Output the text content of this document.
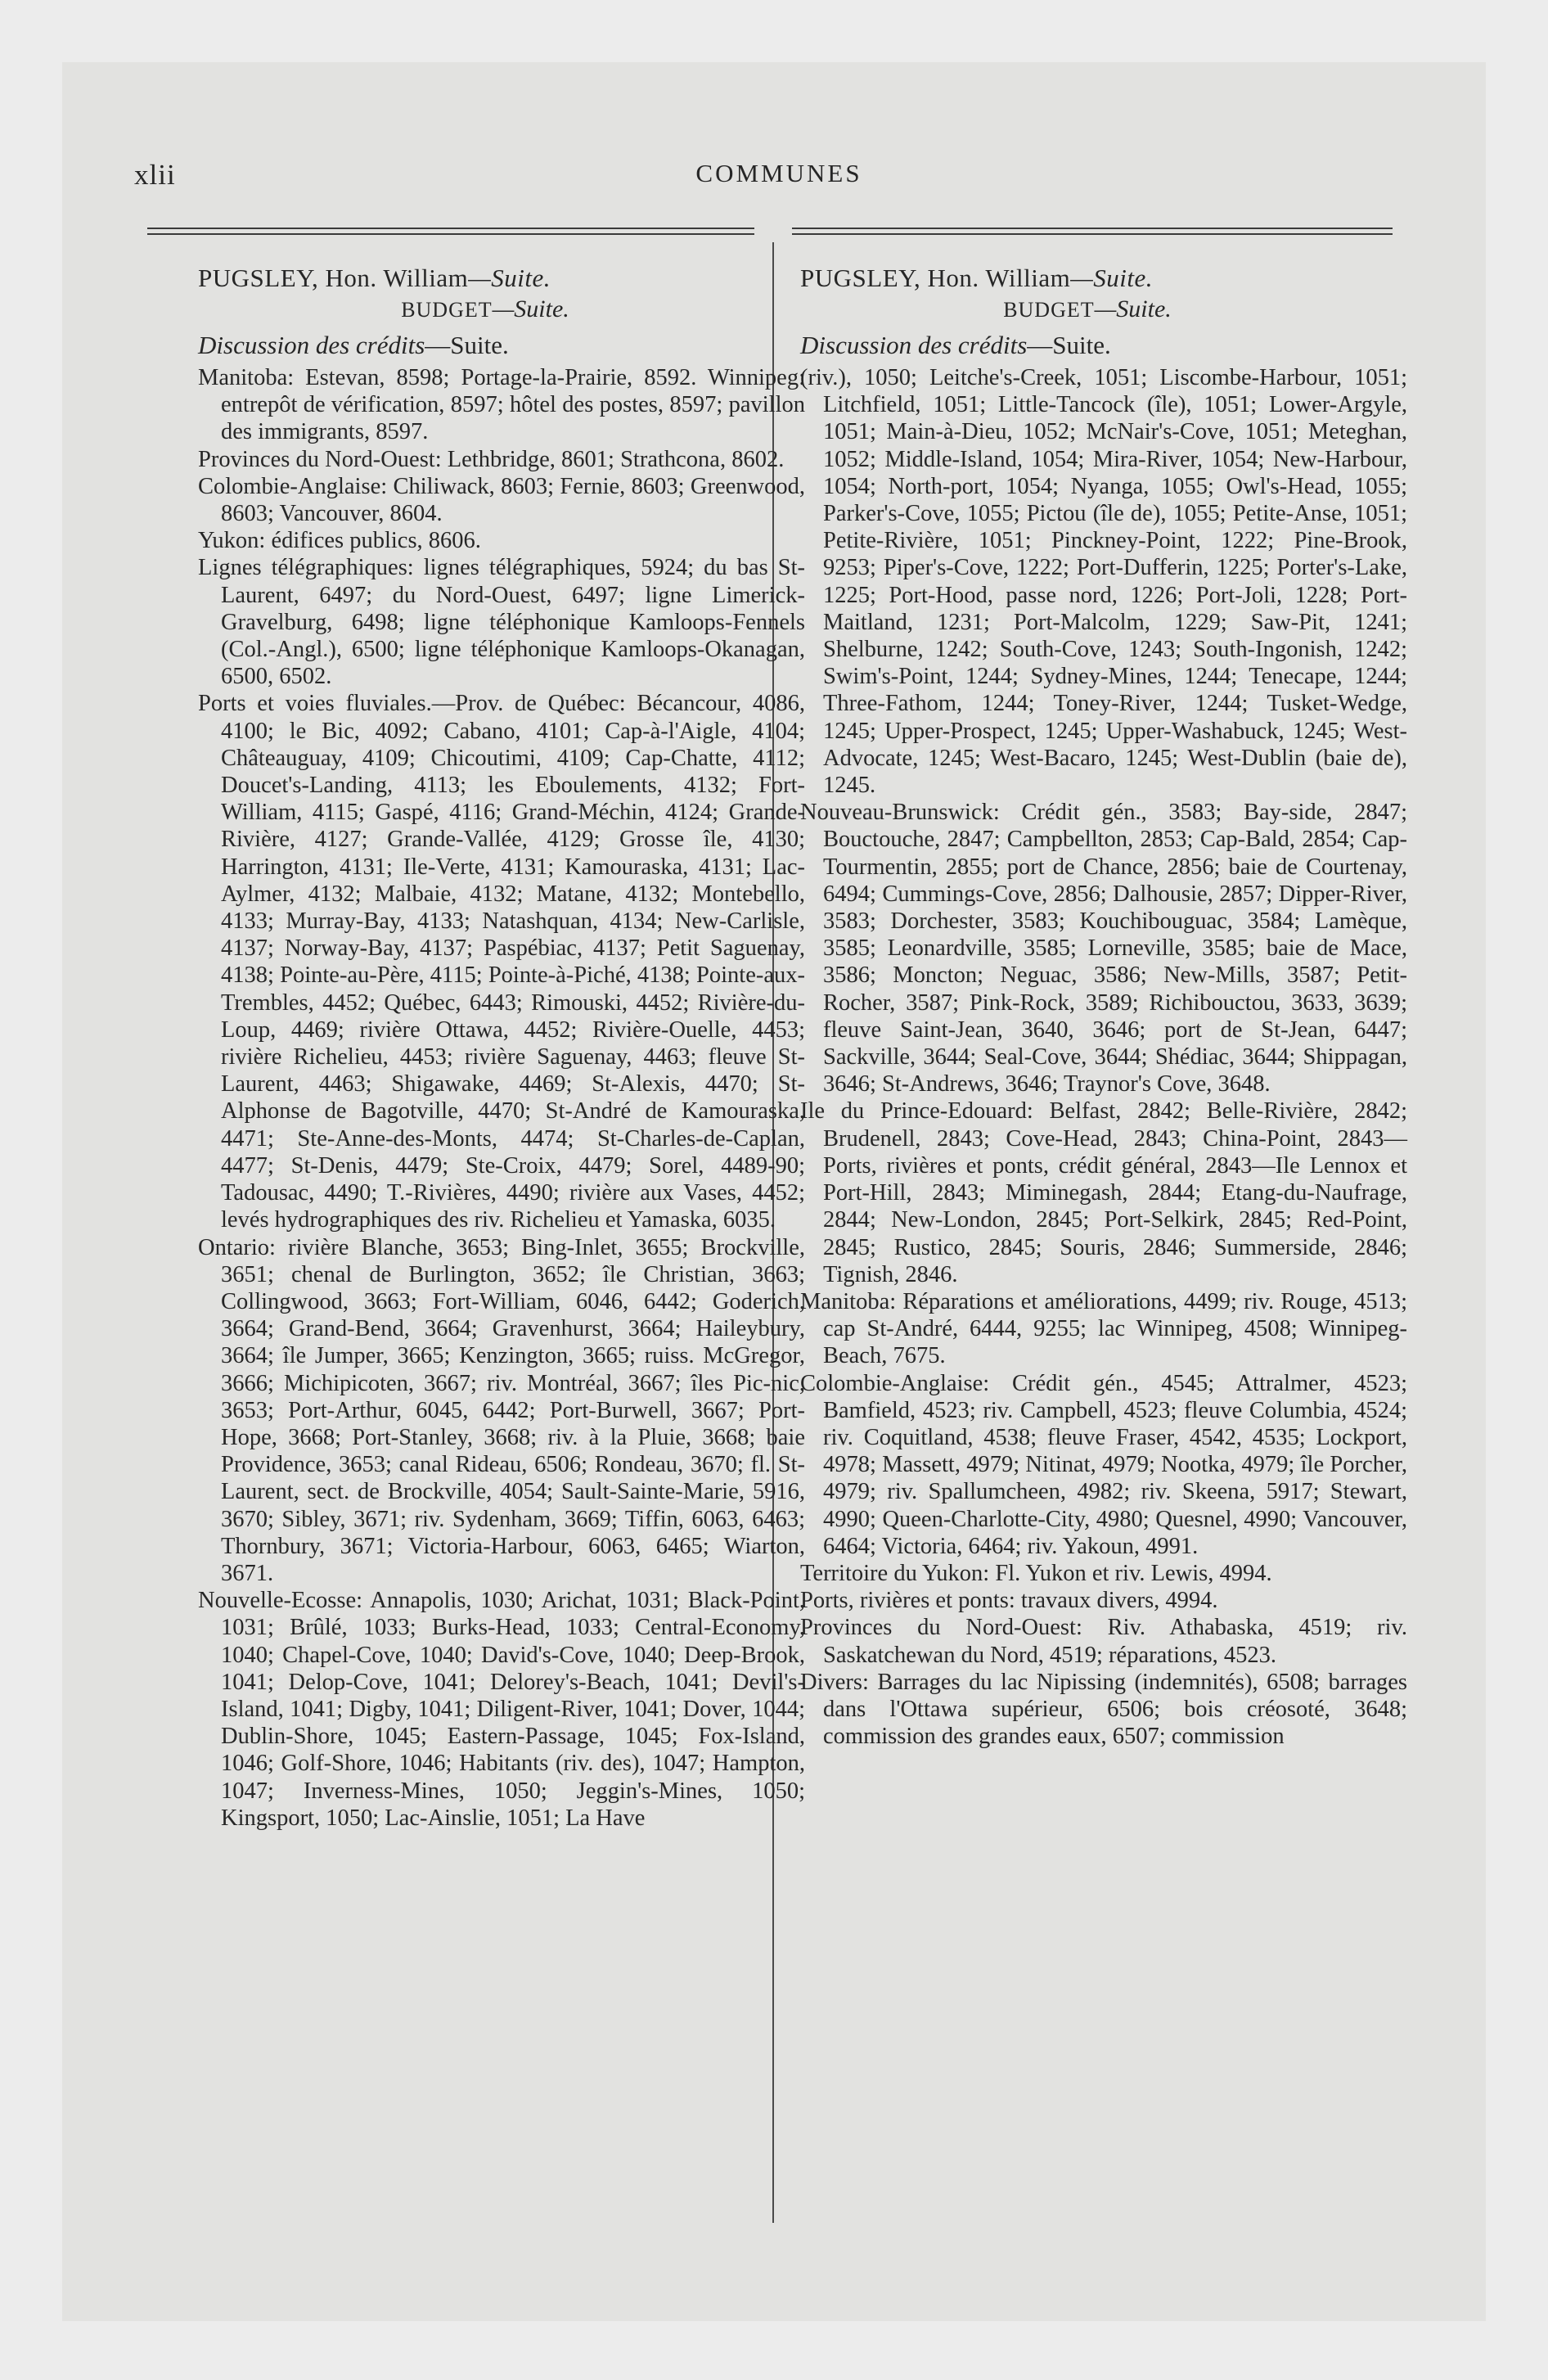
xlii	COMMUNES

PUGSLEY, Hon. William—Suite.

BUDGET—Suite.

Discussion des crédits—Suite.

Manitoba: Estevan, 8598; Portage-la-Prairie, 8592. Winnipeg: entrepôt de vérification, 8597; hôtel des postes, 8597; pavillon des immigrants, 8597.

Provinces du Nord-Ouest: Lethbridge, 8601; Strathcona, 8602.

Colombie-Anglaise: Chiliwack, 8603; Fernie, 8603; Greenwood, 8603; Vancouver, 8604.

Yukon: édifices publics, 8606.

Lignes télégraphiques: lignes télégraphiques, 5924; du bas St-Laurent, 6497; du Nord-Ouest, 6497; ligne Limerick-Gravelburg, 6498; ligne téléphonique Kamloops-Fennels (Col.-Angl.), 6500; ligne téléphonique Kamloops-Okanagan, 6500, 6502.

Ports et voies fluviales.—Prov. de Québec: Bécancour, 4086, 4100; le Bic, 4092; Cabano, 4101; Cap-à-l'Aigle, 4104; Châteauguay, 4109; Chicoutimi, 4109; Cap-Chatte, 4112; Doucet's-Landing, 4113; les Eboulements, 4132; Fort-William, 4115; Gaspé, 4116; Grand-Méchin, 4124; Grande-Rivière, 4127; Grande-Vallée, 4129; Grosse île, 4130; Harrington, 4131; Ile-Verte, 4131; Kamouraska, 4131; Lac-Aylmer, 4132; Malbaie, 4132; Matane, 4132; Montebello, 4133; Murray-Bay, 4133; Natashquan, 4134; New-Carlisle, 4137; Norway-Bay, 4137; Paspébiac, 4137; Petit Saguenay, 4138; Pointe-au-Père, 4115; Pointe-à-Piché, 4138; Pointe-aux-Trembles, 4452; Québec, 6443; Rimouski, 4452; Rivière-du-Loup, 4469; rivière Ottawa, 4452; Rivière-Ouelle, 4453; rivière Richelieu, 4453; rivière Saguenay, 4463; fleuve St-Laurent, 4463; Shigawake, 4469; St-Alexis, 4470; St-Alphonse de Bagotville, 4470; St-André de Kamouraska, 4471; Ste-Anne-des-Monts, 4474; St-Charles-de-Caplan, 4477; St-Denis, 4479; Ste-Croix, 4479; Sorel, 4489-90; Tadousac, 4490; T.-Rivières, 4490; rivière aux Vases, 4452; levés hydrographiques des riv. Richelieu et Yamaska, 6035.

Ontario: rivière Blanche, 3653; Bing-Inlet, 3655; Brockville, 3651; chenal de Burlington, 3652; île Christian, 3663; Collingwood, 3663; Fort-William, 6046, 6442; Goderich, 3664; Grand-Bend, 3664; Gravenhurst, 3664; Haileybury, 3664; île Jumper, 3665; Kenzington, 3665; ruiss. McGregor, 3666; Michipicoten, 3667; riv. Montréal, 3667; îles Pic-nic, 3653; Port-Arthur, 6045, 6442; Port-Burwell, 3667; Port-Hope, 3668; Port-Stanley, 3668; riv. à la Pluie, 3668; baie Providence, 3653; canal Rideau, 6506; Rondeau, 3670; fl. St-Laurent, sect. de Brockville, 4054; Sault-Sainte-Marie, 5916, 3670; Sibley, 3671; riv. Sydenham, 3669; Tiffin, 6063, 6463; Thornbury, 3671; Victoria-Harbour, 6063, 6465; Wiarton, 3671.

Nouvelle-Ecosse: Annapolis, 1030; Arichat, 1031; Black-Point, 1031; Brûlé, 1033; Burks-Head, 1033; Central-Economy, 1040; Chapel-Cove, 1040; David's-Cove, 1040; Deep-Brook, 1041; Delop-Cove, 1041; Delorey's-Beach, 1041; Devil's-Island, 1041; Digby, 1041; Diligent-River, 1041; Dover, 1044; Dublin-Shore, 1045; Eastern-Passage, 1045; Fox-Island, 1046; Golf-Shore, 1046; Habitants (riv. des), 1047; Hampton, 1047; Inverness-Mines, 1050; Jeggin's-Mines, 1050; Kingsport, 1050; Lac-Ainslie, 1051; La Have

PUGSLEY, Hon. William—Suite.

BUDGET—Suite.

Discussion des crédits—Suite.

(riv.), 1050; Leitche's-Creek, 1051; Liscombe-Harbour, 1051; Litchfield, 1051; Little-Tancock (île), 1051; Lower-Argyle, 1051; Main-à-Dieu, 1052; McNair's-Cove, 1051; Meteghan, 1052; Middle-Island, 1054; Mira-River, 1054; New-Harbour, 1054; North-port, 1054; Nyanga, 1055; Owl's-Head, 1055; Parker's-Cove, 1055; Pictou (île de), 1055; Petite-Anse, 1051; Petite-Rivière, 1051; Pinckney-Point, 1222; Pine-Brook, 9253; Piper's-Cove, 1222; Port-Dufferin, 1225; Porter's-Lake, 1225; Port-Hood, passe nord, 1226; Port-Joli, 1228; Port-Maitland, 1231; Port-Malcolm, 1229; Saw-Pit, 1241; Shelburne, 1242; South-Cove, 1243; South-Ingonish, 1242; Swim's-Point, 1244; Sydney-Mines, 1244; Tenecape, 1244; Three-Fathom, 1244; Toney-River, 1244; Tusket-Wedge, 1245; Upper-Prospect, 1245; Upper-Washabuck, 1245; West-Advocate, 1245; West-Bacaro, 1245; West-Dublin (baie de), 1245.

Nouveau-Brunswick: Crédit gén., 3583; Bay-side, 2847; Bouctouche, 2847; Campbellton, 2853; Cap-Bald, 2854; Cap-Tourmentin, 2855; port de Chance, 2856; baie de Courtenay, 6494; Cummings-Cove, 2856; Dalhousie, 2857; Dipper-River, 3583; Dorchester, 3583; Kouchibouguac, 3584; Lamèque, 3585; Leonardville, 3585; Lorneville, 3585; baie de Mace, 3586; Moncton; Neguac, 3586; New-Mills, 3587; Petit-Rocher, 3587; Pink-Rock, 3589; Richibouctou, 3633, 3639; fleuve Saint-Jean, 3640, 3646; port de St-Jean, 6447; Sackville, 3644; Seal-Cove, 3644; Shédiac, 3644; Shippagan, 3646; St-Andrews, 3646; Traynor's Cove, 3648.

Ile du Prince-Edouard: Belfast, 2842; Belle-Rivière, 2842; Brudenell, 2843; Cove-Head, 2843; China-Point, 2843—Ports, rivières et ponts, crédit général, 2843—Ile Lennox et Port-Hill, 2843; Miminegash, 2844; Etang-du-Naufrage, 2844; New-London, 2845; Port-Selkirk, 2845; Red-Point, 2845; Rustico, 2845; Souris, 2846; Summerside, 2846; Tignish, 2846.

Manitoba: Réparations et améliorations, 4499; riv. Rouge, 4513; cap St-André, 6444, 9255; lac Winnipeg, 4508; Winnipeg-Beach, 7675.

Colombie-Anglaise: Crédit gén., 4545; Attralmer, 4523; Bamfield, 4523; riv. Campbell, 4523; fleuve Columbia, 4524; riv. Coquitland, 4538; fleuve Fraser, 4542, 4535; Lockport, 4978; Massett, 4979; Nitinat, 4979; Nootka, 4979; île Porcher, 4979; riv. Spallumcheen, 4982; riv. Skeena, 5917; Stewart, 4990; Queen-Charlotte-City, 4980; Quesnel, 4990; Vancouver, 6464; Victoria, 6464; riv. Yakoun, 4991.

Territoire du Yukon: Fl. Yukon et riv. Lewis, 4994.

Ports, rivières et ponts: travaux divers, 4994.

Provinces du Nord-Ouest: Riv. Athabaska, 4519; riv. Saskatchewan du Nord, 4519; réparations, 4523.

Divers: Barrages du lac Nipissing (indemnités), 6508; barrages dans l'Ottawa supérieur, 6506; bois créosoté, 3648; commission des grandes eaux, 6507; commission
